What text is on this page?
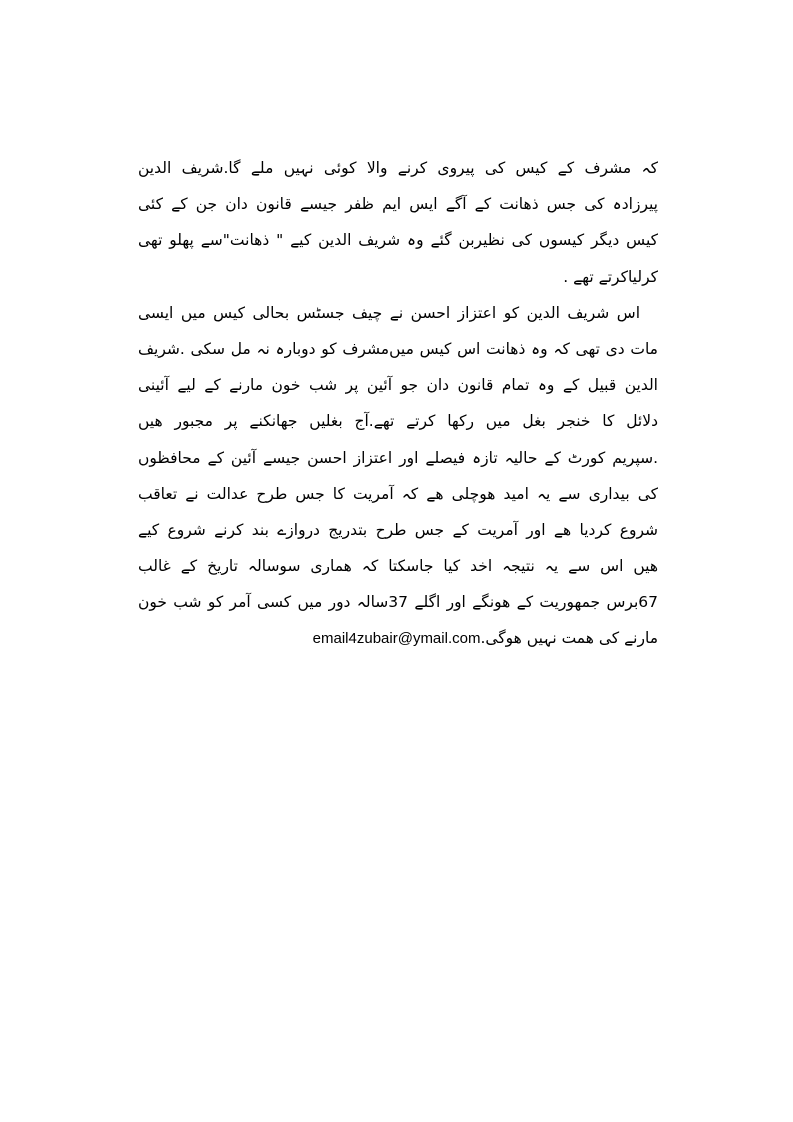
کہ مشرف کے کیس کی پیروی کرنے والا کوئی نہیں ملے گا.شریف الدین
پیرزادہ کی جس ذھانت کے آگے ایس ایم ظفر جیسے قانون دان جن کے کئی
کیس دیگر کیسوں کی نظیربن گئے وہ شریف الدین کیے " ذھانت"سے پھلو تھی
کرلیاکرتے تھے .
اس شریف الدین کو اعتزاز احسن نے چیف جسٹس بحالی کیس میں ایسی
مات دی تھی کہ وہ ذھانت اس کیس میں‌مشرف کو دوبارہ نہ مل سکی .شریف
الدین قبیل کے وہ تمام قانون دان جو آئین پر شب خون مارنے کے لیے آئینی
دلائل کا خنجر بغل میں رکھا کرتے تھے.آج بغلیں جھانکنے پر مجبور ھیں
.سپریم کورٹ کے حالیہ تازہ فیصلے اور اعتزاز احسن جیسے آئین کے محافظوں
کی بیداری سے یہ امید ھوچلی ھے کہ آمریت کا جس طرح عدالت نے تعاقب
شروع کردیا ھے اور آمریت کے جس طرح بتدریج دروازے بند کرنے شروع کیے
ھیں اس سے یہ نتیجہ اخد کیا جاسکتا کہ ھماری سوسالہ تاریخ کے غالب
67برس جمھوریت کے ھونگے اور اگلے 37سالہ دور میں کسی آمر کو شب خون
مارنے کی ھمت نہیں ھوگی.email4zubair@ymail.com
